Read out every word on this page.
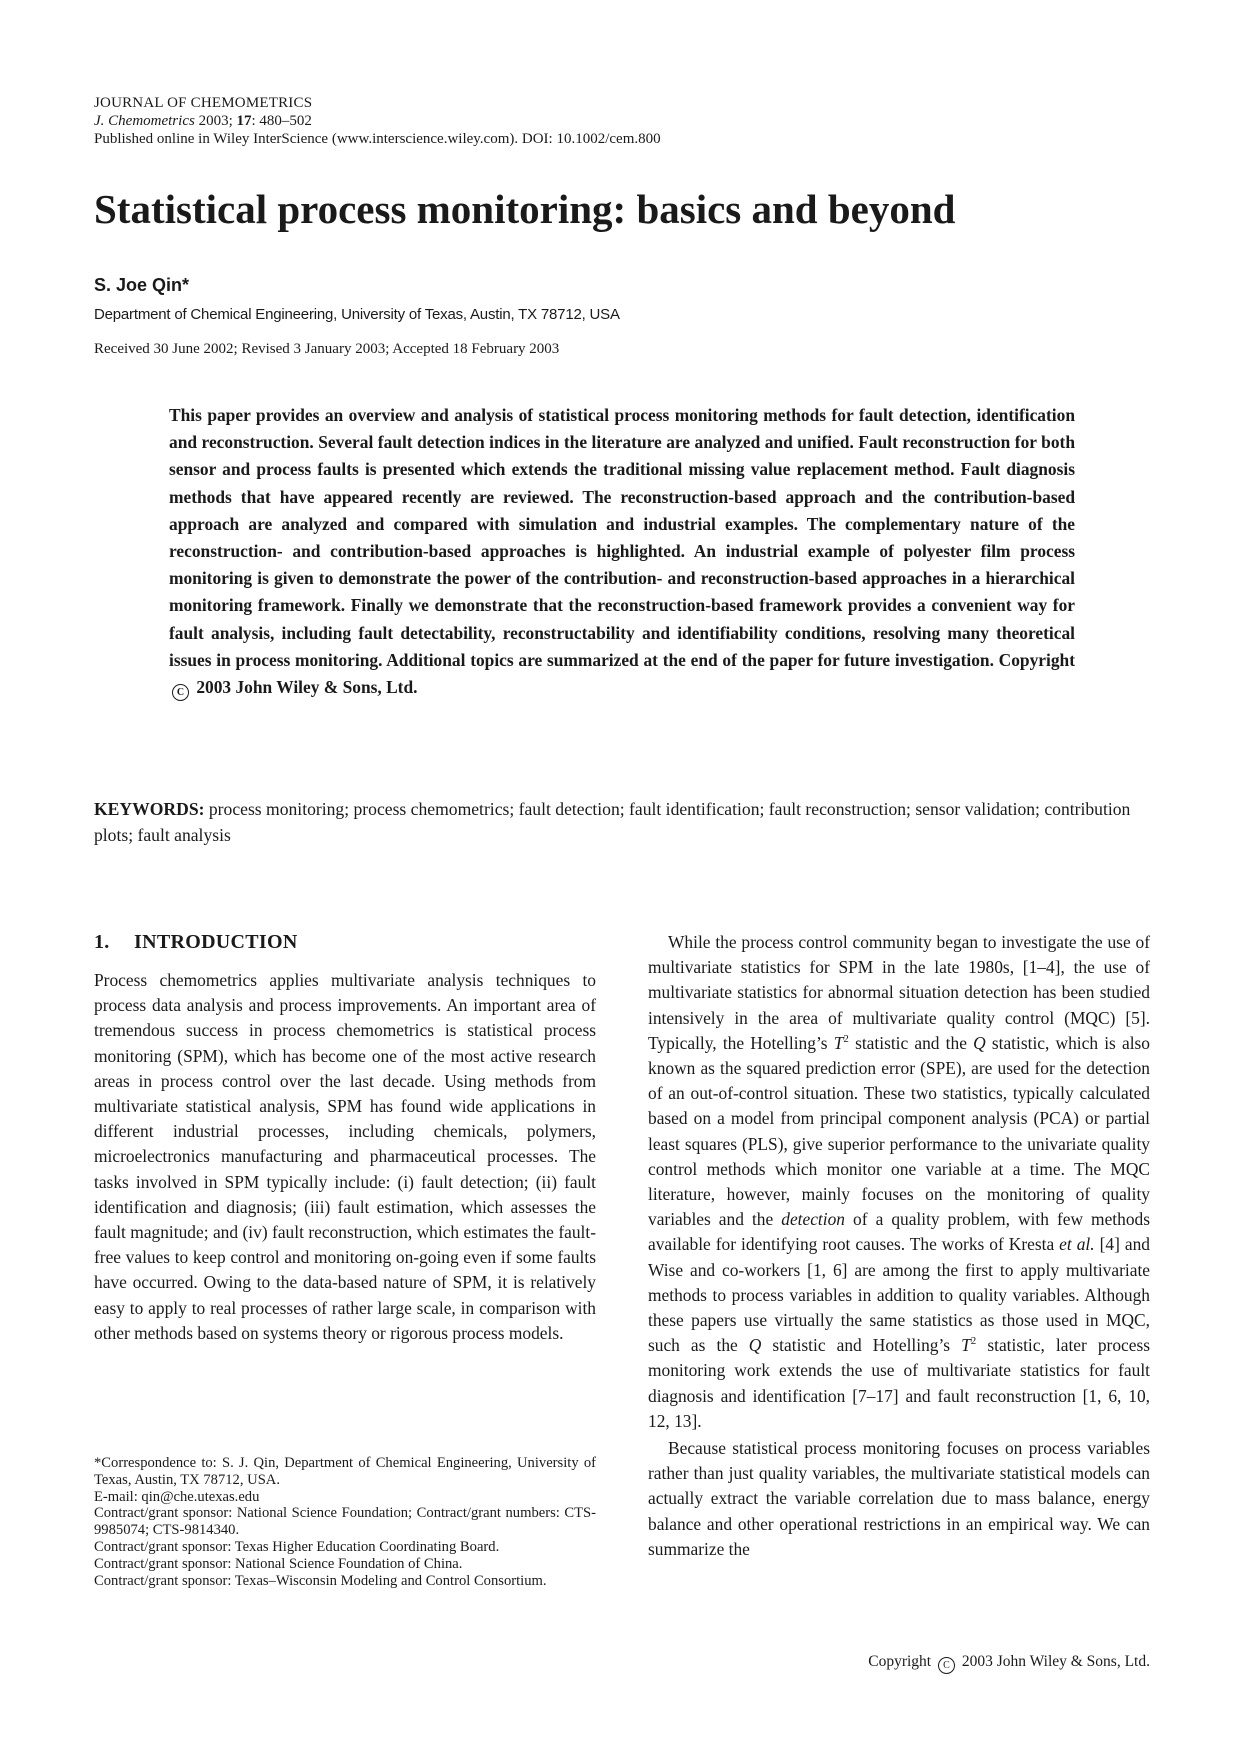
JOURNAL OF CHEMOMETRICS
J. Chemometrics 2003; 17: 480–502
Published online in Wiley InterScience (www.interscience.wiley.com). DOI: 10.1002/cem.800
Statistical process monitoring: basics and beyond
S. Joe Qin*
Department of Chemical Engineering, University of Texas, Austin, TX 78712, USA
Received 30 June 2002; Revised 3 January 2003; Accepted 18 February 2003

This paper provides an overview and analysis of statistical process monitoring methods for fault detection, identification and reconstruction. Several fault detection indices in the literature are analyzed and unified. Fault reconstruction for both sensor and process faults is presented which extends the traditional missing value replacement method. Fault diagnosis methods that have appeared recently are reviewed. The reconstruction-based approach and the contribution-based approach are analyzed and compared with simulation and industrial examples. The complementary nature of the reconstruction- and contribution-based approaches is highlighted. An industrial example of polyester film process monitoring is given to demonstrate the power of the contribution- and reconstruction-based approaches in a hierarchical monitoring framework. Finally we demonstrate that the reconstruction-based framework provides a convenient way for fault analysis, including fault detectability, reconstructability and identifiability conditions, resolving many theoretical issues in process monitoring. Additional topics are summarized at the end of the paper for future investigation. Copyright C 2003 John Wiley & Sons, Ltd.

KEYWORDS: process monitoring; process chemometrics; fault detection; fault identification; fault reconstruction; sensor validation; contribution plots; fault analysis

1. INTRODUCTION

Process chemometrics applies multivariate analysis techniques to process data analysis and process improvements. An important area of tremendous success in process chemometrics is statistical process monitoring (SPM), which has become one of the most active research areas in process control over the last decade. Using methods from multivariate statistical analysis, SPM has found wide applications in different industrial processes, including chemicals, polymers, microelectronics manufacturing and pharmaceutical processes. The tasks involved in SPM typically include: (i) fault detection; (ii) fault identification and diagnosis; (iii) fault estimation, which assesses the fault magnitude; and (iv) fault reconstruction, which estimates the fault-free values to keep control and monitoring on-going even if some faults have occurred. Owing to the data-based nature of SPM, it is relatively easy to apply to real processes of rather large scale, in comparison with other methods based on systems theory or rigorous process models.

*Correspondence to: S. J. Qin, Department of Chemical Engineering, University of Texas, Austin, TX 78712, USA.

E-mail: qin@che.utexas.edu

Contract/grant sponsor: National Science Foundation; Contract/grant numbers: CTS-9985074; CTS-9814340.

Contract/grant sponsor: Texas Higher Education Coordinating Board.

Contract/grant sponsor: National Science Foundation of China.

Contract/grant sponsor: Texas–Wisconsin Modeling and Control Consortium.

While the process control community began to investigate the use of multivariate statistics for SPM in the late 1980s, [1–4], the use of multivariate statistics for abnormal situation detection has been studied intensively in the area of multivariate quality control (MQC) [5]. Typically, the Hotelling’s $T^2$ statistic and the Q statistic, which is also known as the squared prediction error (SPE), are used for the detection of an out-of-control situation. These two statistics, typically calculated based on a model from principal component analysis (PCA) or partial least squares (PLS), give superior performance to the univariate quality control methods which monitor one variable at a time. The MQC literature, however, mainly focuses on the monitoring of quality variables and the detection of a quality problem, with few methods available for identifying root causes. The works of Kresta et al. [4] and Wise and co-workers [1, 6] are among the first to apply multivariate methods to process variables in addition to quality variables. Although these papers use virtually the same statistics as those used in MQC, such as the Q statistic and Hotelling’s $T^2$ statistic, later process monitoring work extends the use of multivariate statistics for fault diagnosis and identification [7–17] and fault reconstruction [1, 6, 10, 12, 13].

Because statistical process monitoring focuses on process variables rather than just quality variables, the multivariate statistical models can actually extract the variable correlation due to mass balance, energy balance and other operational restrictions in an empirical way. We can summarize the

Copyright C 2003 John Wiley & Sons, Ltd.
